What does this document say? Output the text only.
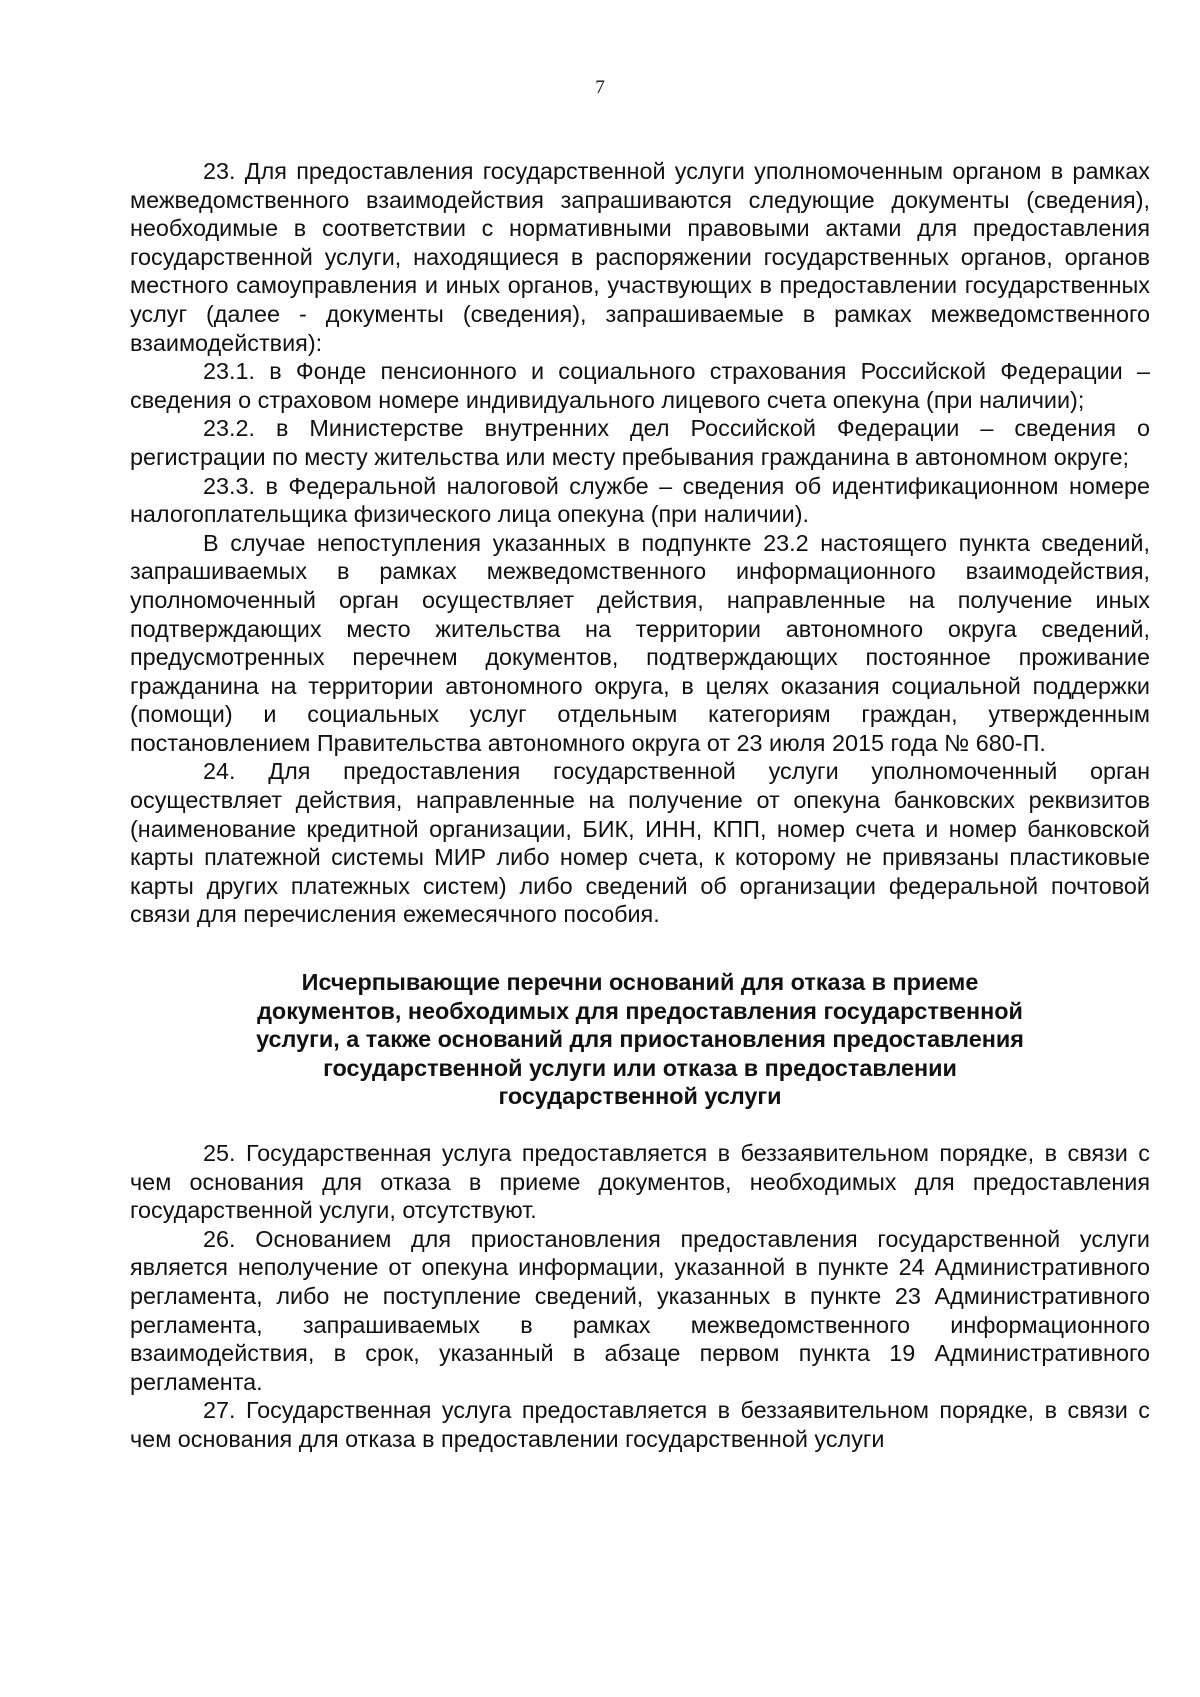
7

23. Для предоставления государственной услуги уполномоченным органом в рамках межведомственного взаимодействия запрашиваются следующие документы (сведения), необходимые в соответствии с нормативными правовыми актами для предоставления государственной услуги, находящиеся в распоряжении государственных органов, органов местного самоуправления и иных органов, участвующих в предоставлении государственных услуг (далее - документы (сведения), запрашиваемые в рамках межведомственного взаимодействия):

23.1. в Фонде пенсионного и социального страхования Российской Федерации – сведения о страховом номере индивидуального лицевого счета опекуна (при наличии);

23.2. в Министерстве внутренних дел Российской Федерации – сведения о регистрации по месту жительства или месту пребывания гражданина в автономном округе;

23.3. в Федеральной налоговой службе – сведения об идентификационном номере налогоплательщика физического лица опекуна (при наличии).

В случае непоступления указанных в подпункте 23.2 настоящего пункта сведений, запрашиваемых в рамках межведомственного информационного взаимодействия, уполномоченный орган осуществляет действия, направленные на получение иных подтверждающих место жительства на территории автономного округа сведений, предусмотренных перечнем документов, подтверждающих постоянное проживание гражданина на территории автономного округа, в целях оказания социальной поддержки (помощи) и социальных услуг отдельным категориям граждан, утвержденным постановлением Правительства автономного округа от 23 июля 2015 года № 680-П.

24. Для предоставления государственной услуги уполномоченный орган осуществляет действия, направленные на получение от опекуна банковских реквизитов (наименование кредитной организации, БИК, ИНН, КПП, номер счета и номер банковской карты платежной системы МИР либо номер счета, к которому не привязаны пластиковые карты других платежных систем) либо сведений об организации федеральной почтовой связи для перечисления ежемесячного пособия.

Исчерпывающие перечни оснований для отказа в приеме
документов, необходимых для предоставления государственной
услуги, а также оснований для приостановления предоставления
государственной услуги или отказа в предоставлении
государственной услуги

25. Государственная услуга предоставляется в беззаявительном порядке, в связи с чем основания для отказа в приеме документов, необходимых для предоставления государственной услуги, отсутствуют.

26. Основанием для приостановления предоставления государственной услуги является неполучение от опекуна информации, указанной в пункте 24 Административного регламента, либо не поступление сведений, указанных в пункте 23 Административного регламента, запрашиваемых в рамках межведомственного информационного взаимодействия, в срок, указанный в абзаце первом пункта 19 Административного регламента.

27. Государственная услуга предоставляется в беззаявительном порядке, в связи с чем основания для отказа в предоставлении государственной услуги
